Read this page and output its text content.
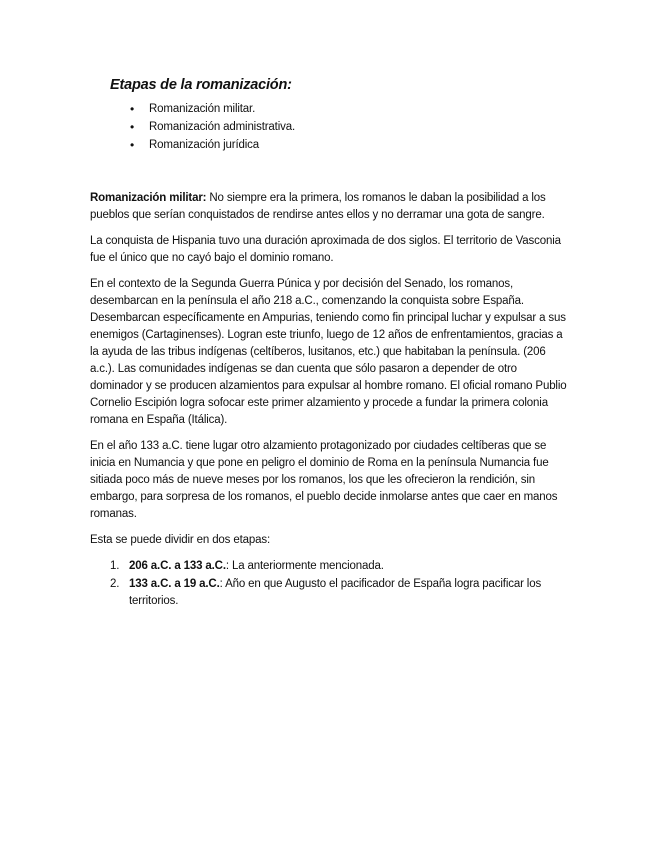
Etapas de la romanización:
• Romanización militar.
• Romanización administrativa.
• Romanización jurídica

Romanización militar: No siempre era la primera, los romanos le daban la posibilidad a los pueblos que serían conquistados de rendirse antes ellos y no derramar una gota de sangre.

La conquista de Hispania tuvo una duración aproximada de dos siglos. El territorio de Vasconia fue el único que no cayó bajo el dominio romano.

En el contexto de la Segunda Guerra Púnica y por decisión del Senado, los romanos, desembarcan en la península el año 218 a.C., comenzando la conquista sobre España. Desembarcan específicamente en Ampurias, teniendo como fin principal luchar y expulsar a sus enemigos (Cartaginenses). Logran este triunfo, luego de 12 años de enfrentamientos, gracias a la ayuda de las tribus indígenas (celtíberos, lusitanos, etc.) que habitaban la península. (206 a.c.). Las comunidades indígenas se dan cuenta que sólo pasaron a depender de otro dominador y se producen alzamientos para expulsar al hombre romano. El oficial romano Publio Cornelio Escipión logra sofocar este primer alzamiento y procede a fundar la primera colonia romana en España (Itálica).

En el año 133 a.C. tiene lugar otro alzamiento protagonizado por ciudades celtíberas que se inicia en Numancia y que pone en peligro el dominio de Roma en la península Numancia fue sitiada poco más de nueve meses por los romanos, los que les ofrecieron la rendición, sin embargo, para sorpresa de los romanos, el pueblo decide inmolarse antes que caer en manos romanas.

Esta se puede dividir en dos etapas:

1. 206 a.C. a 133 a.C.: La anteriormente mencionada.
2. 133 a.C. a 19 a.C.: Año en que Augusto el pacificador de España logra pacificar los territorios.
